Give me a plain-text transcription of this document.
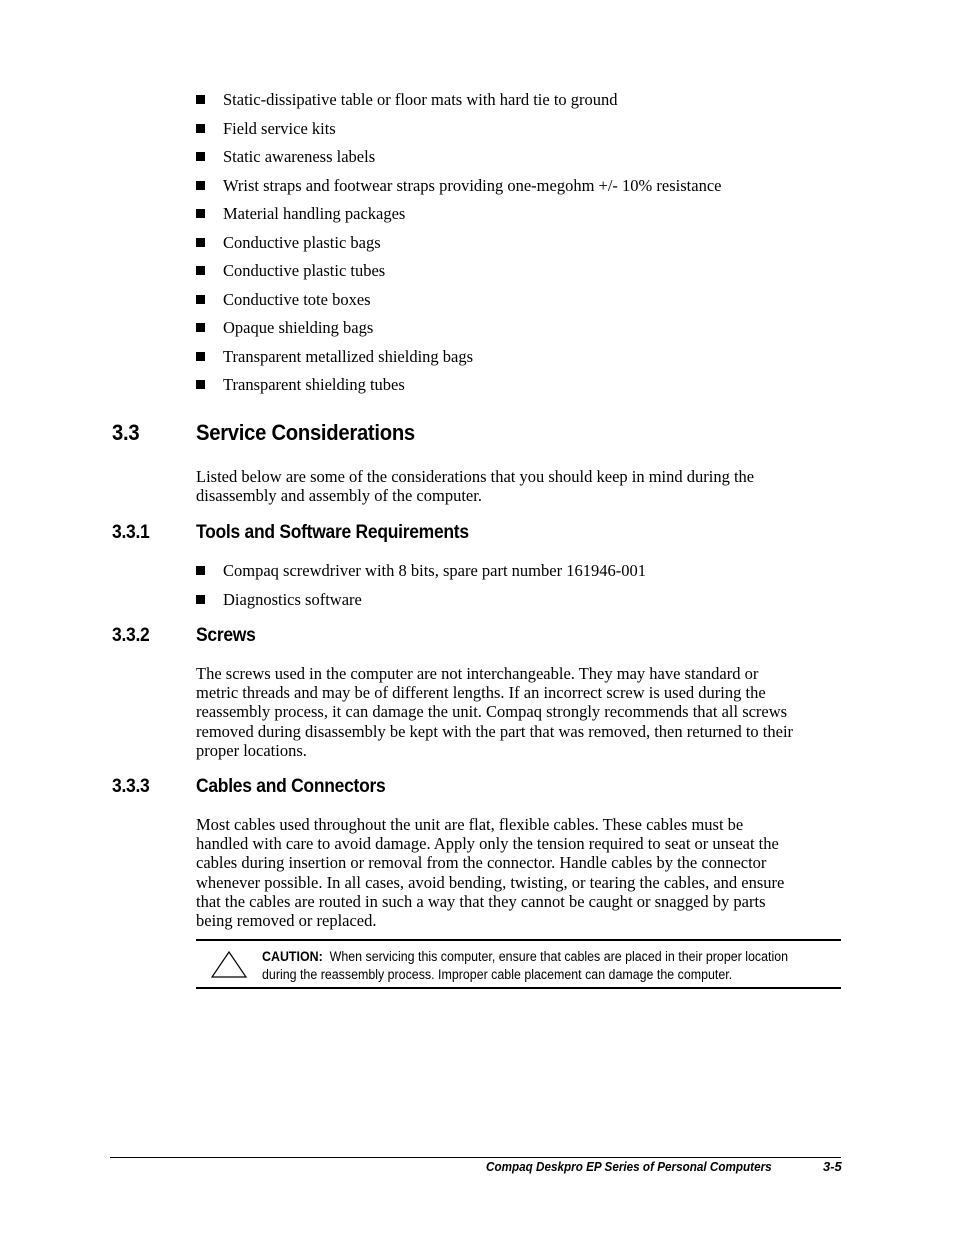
Static-dissipative table or floor mats with hard tie to ground
Field service kits
Static awareness labels
Wrist straps and footwear straps providing one-megohm +/- 10% resistance
Material handling packages
Conductive plastic bags
Conductive plastic tubes
Conductive tote boxes
Opaque shielding bags
Transparent metallized shielding bags
Transparent shielding tubes
3.3	Service Considerations

Listed below are some of the considerations that you should keep in mind during the
disassembly and assembly of the computer.

3.3.1 Tools and Software Requirements
Compaq screwdriver with 8 bits, spare part number 161946-001
Diagnostics software
3.3.2 Screws

The screws used in the computer are not interchangeable. They may have standard or
metric threads and may be of different lengths. If an incorrect screw is used during the
reassembly process, it can damage the unit. Compaq strongly recommends that all screws
removed during disassembly be kept with the part that was removed, then returned to their
proper locations.

3.3.3 Cables and Connectors

Most cables used throughout the unit are flat, flexible cables. These cables must be
handled with care to avoid damage. Apply only the tension required to seat or unseat the
cables during insertion or removal from the connector. Handle cables by the connector
whenever possible. In all cases, avoid bending, twisting, or tearing the cables, and ensure
that the cables are routed in such a way that they cannot be caught or snagged by parts
being removed or replaced.

CAUTION: When servicing this computer, ensure that cables are placed in their proper location
during the reassembly process. Improper cable placement can damage the computer.
Compaq Deskpro EP Series of Personal Computers	3-5
